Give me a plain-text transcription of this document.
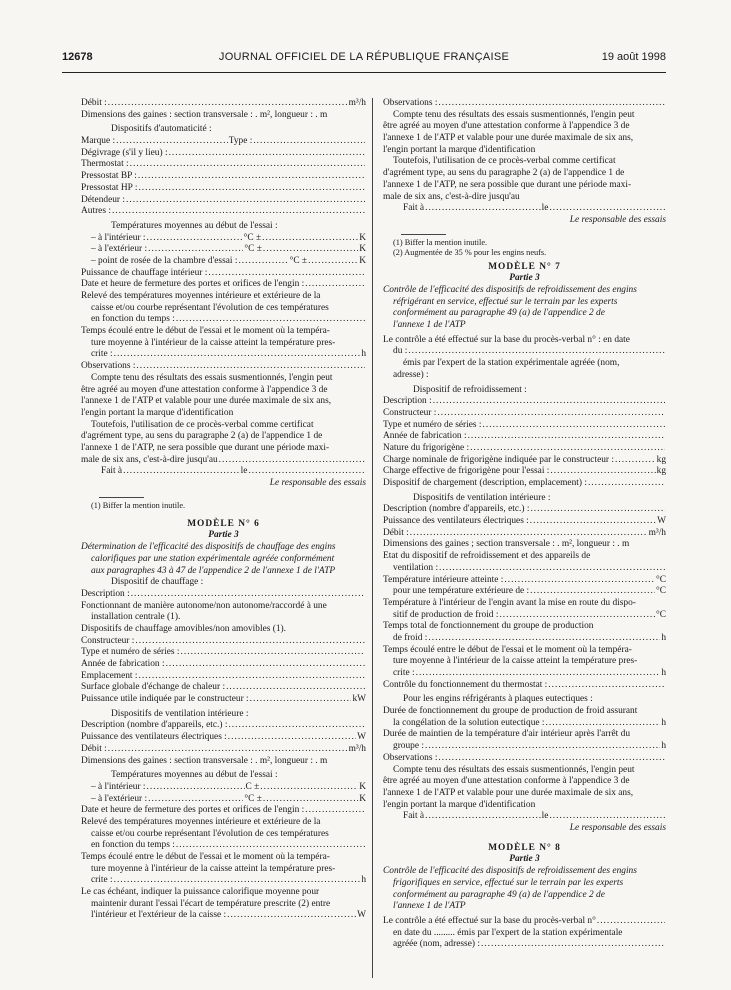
12678	JOURNAL OFFICIEL DE LA RÉPUBLIQUE FRANÇAISE	19 août 1998
Débit : .....	m³/h
Dimensions des gaines : section transversale : . m², longueur : . m
Dispositifs d'automaticité :
Marque : .....	Type :
.....
Dégivrage (s'il y lieu) :
.....
Thermostat :
.....
Pressostat BP :
.....
Pressostat HP :
.....
Détendeur :
.....
Autres :
.....
Températures moyennes au début de l'essai :
– à l'intérieur : .....	°C ± .....	K
– à l'extérieur : .....	°C ± .....	K
– point de rosée de la chambre d'essai : .....	°C ± .....	K
Puissance de chauffage intérieur :
.....
Date et heure de fermeture des portes et orifices de l'engin :
.....
Relevé des températures moyennes intérieure et extérieure de la
caisse et/ou courbe représentant l'évolution de ces températures
en fonction du temps :
.....
Temps écoulé entre le début de l'essai et le moment où la tempéra-
ture moyenne à l'intérieur de la caisse atteint la température pres-
crite : .....	h
Observations :
.....
Compte tenu des résultats des essais susmentionnés, l'engin peut
être agréé au moyen d'une attestation conforme à l'appendice 3 de
l'annexe 1 de l'ATP et valable pour une durée maximale de six ans,
l'engin portant la marque d'identification
Toutefois, l'utilisation de ce procès-verbal comme certificat
d'agrément type, au sens du paragraphe 2 (a) de l'appendice 1 de
l'annexe 1 de l'ATP, ne sera possible que durant une période maxi-
male de six ans, c'est-à-dire jusqu'au
.....
Fait à .....	le
.....
Le responsable des essais
(1) Biffer la mention inutile.
MODÈLE N° 6
Partie 3
Détermination de l'efficacité des dispositifs de chauffage des engins
calorifiques par une station expérimentale agréée conformément
aux paragraphes 43 à 47 de l'appendice 2 de l'annexe 1 de l'ATP
Dispositif de chauffage :
Description :
.....
Fonctionnant de manière autonome/non autonome/raccordé à une
installation centrale (1).
Dispositifs de chauffage amovibles/non amovibles (1).
Constructeur :
.....
Type et numéro de séries :
.....
Année de fabrication :
.....
Emplacement :
.....
Surface globale d'échange de chaleur :
.....
Puissance utile indiquée par le constructeur : .....	kW
Dispositifs de ventilation intérieure :
Description (nombre d'appareils, etc.) :
.....
Puissance des ventilateurs électriques : .....	W
Débit : .....	m³/h
Dimensions des gaines : section transversale : . m², longueur : . m
Températures moyennes au début de l'essai :
– à l'intérieur : .....	C ± .....	K
– à l'extérieur : .....	°C ± .....	K
Date et heure de fermeture des portes et orifices de l'engin :
.....
Relevé des températures moyennes intérieure et extérieure de la
caisse et/ou courbe représentant l'évolution de ces températures
en fonction du temps :
.....
Temps écoulé entre le début de l'essai et le moment où la tempéra-
ture moyenne à l'intérieur de la caisse atteint la température pres-
crite : .....	h
Le cas échéant, indiquer la puissance calorifique moyenne pour
maintenir durant l'essai l'écart de température prescrite (2) entre
l'intérieur et l'extérieur de la caisse : .....	W
Observations :
.....
Compte tenu des résultats des essais susmentionnés, l'engin peut
être agréé au moyen d'une attestation conforme à l'appendice 3 de
l'annexe 1 de l'ATP et valable pour une durée maximale de six ans,
l'engin portant la marque d'identification
Toutefois, l'utilisation de ce procès-verbal comme certificat
d'agrément type, au sens du paragraphe 2 (a) de l'appendice 1 de
l'annexe 1 de l'ATP, ne sera possible que durant une période maxi-
male de six ans, c'est-à-dire jusqu'au
Fait à .....	le
.....
Le responsable des essais
(1) Biffer la mention inutile.
(2) Augmentée de 35 % pour les engins neufs.
MODÈLE N° 7
Partie 3
Contrôle de l'efficacité des dispositifs de refroidissement des engins
réfrigérant en service, effectué sur le terrain par les experts
conformément au paragraphe 49 (a) de l'appendice 2 de
l'annexe 1 de l'ATP
Le contrôle a été effectué sur la base du procès-verbal n° : en date
du :
.....
émis par l'expert de la station expérimentale agréée (nom,
adresse) :
Dispositif de refroidissement :
Description :
.....
Constructeur :
.....
Type et numéro de séries :
.....
Année de fabrication :
.....
Nature du frigorigène :
.....
Charge nominale de frigorigène indiquée par le constructeur : .....	. kg
Charge effective de frigorigène pour l'essai : .....	kg
Dispositif de chargement (description, emplacement) :
.....
Dispositifs de ventilation intérieure :
Description (nombre d'appareils, etc.) :
.....
Puissance des ventilateurs électriques : .....	W
Débit : .....	m³/h
Dimensions des gaines ; section transversale : . m², longueur : . m
État du dispositif de refroidissement et des appareils de
ventilation :
.....
Température intérieure atteinte : .....	°C
pour une température extérieure de : .....	°C
Température à l'intérieur de l'engin avant la mise en route du dispo-
sitif de production de froid : .....	°C
Temps total de fonctionnement du groupe de production
de froid : .....	h
Temps écoulé entre le début de l'essai et le moment où la tempéra-
ture moyenne à l'intérieur de la caisse atteint la température pres-
crite : .....	h
Contrôle du fonctionnement du thermostat :
.....
Pour les engins réfrigérants à plaques eutectiques :
Durée de fonctionnement du groupe de production de froid assurant
la congélation de la solution eutectique : .....	h
Durée de maintien de la température d'air intérieur après l'arrêt du
groupe : .....	h
Observations :
.....
Compte tenu des résultats des essais susmentionnés, l'engin peut
être agréé au moyen d'une attestation conforme à l'appendice 3 de
l'annexe 1 de l'ATP et valable pour une durée maximale de six ans,
l'engin portant la marque d'identification
Fait à .....	le
.....
Le responsable des essais
MODÈLE N° 8
Partie 3
Contrôle de l'efficacité des dispositifs de refroidissement des engins
frigorifiques en service, effectué sur le terrain par les experts
conformément au paragraphe 49 (a) de l'appendice 2 de
l'annexe 1 de l'ATP
Le contrôle a été effectué sur la base du procès-verbal n°
.....
en date du ......... émis par l'expert de la station expérimentale
agréée (nom, adresse) :
.....
